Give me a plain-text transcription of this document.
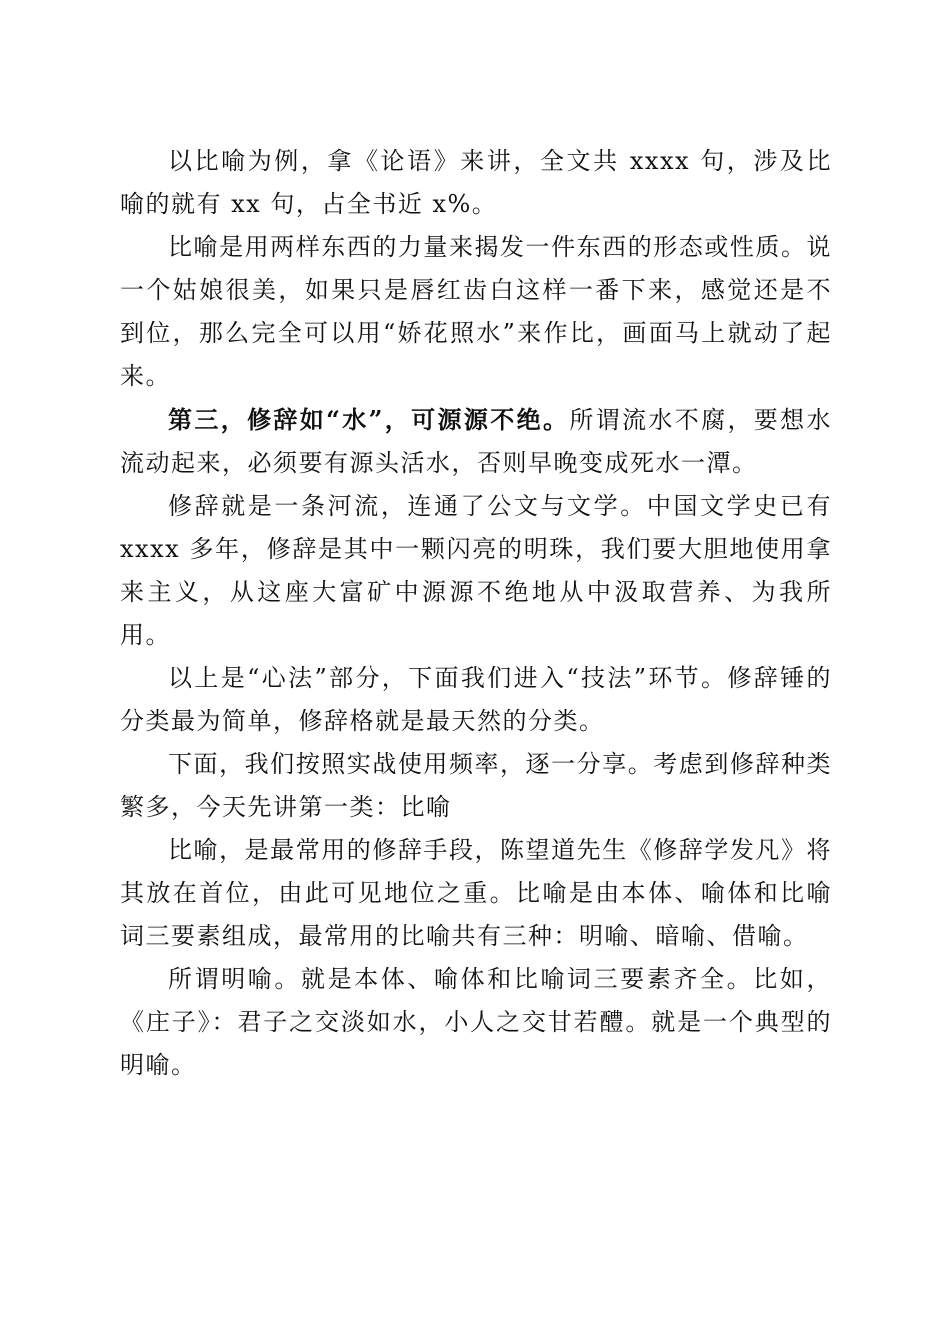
以比喻为例，拿《论语》来讲，全文共 xxxx 句，涉及比喻的就有 xx 句，占全书近 x%。

比喻是用两样东西的力量来揭发一件东西的形态或性质。说一个姑娘很美，如果只是唇红齿白这样一番下来，感觉还是不到位，那么完全可以用“娇花照水”来作比，画面马上就动了起来。

第三，修辞如“水”，可源源不绝。所谓流水不腐，要想水流动起来，必须要有源头活水，否则早晚变成死水一潭。

修辞就是一条河流，连通了公文与文学。中国文学史已有 xxxx 多年，修辞是其中一颗闪亮的明珠，我们要大胆地使用拿来主义，从这座大富矿中源源不绝地从中汲取营养、为我所用。

以上是“心法”部分，下面我们进入“技法”环节。修辞锤的分类最为简单，修辞格就是最天然的分类。

下面，我们按照实战使用频率，逐一分享。考虑到修辞种类繁多，今天先讲第一类：比喻

比喻，是最常用的修辞手段，陈望道先生《修辞学发凡》将其放在首位，由此可见地位之重。比喻是由本体、喻体和比喻词三要素组成，最常用的比喻共有三种：明喻、暗喻、借喻。

所谓明喻。就是本体、喻体和比喻词三要素齐全。比如，《庄子》：君子之交淡如水，小人之交甘若醴。就是一个典型的明喻。
